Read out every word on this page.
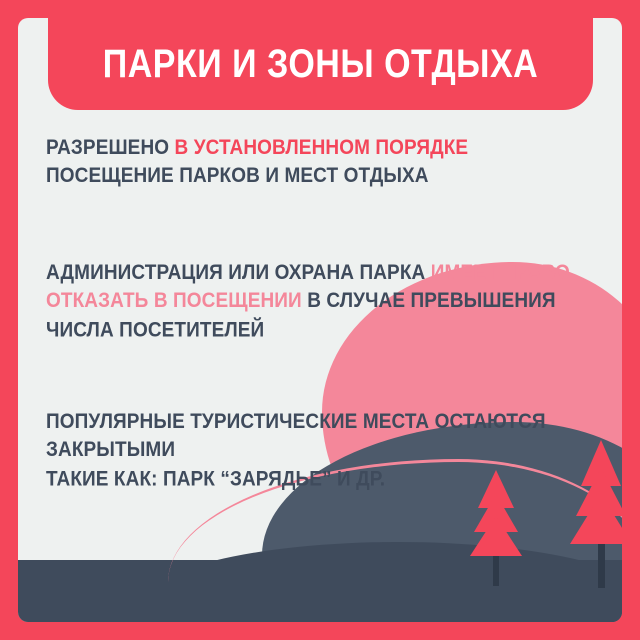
ПАРКИ И ЗОНЫ ОТДЫХА
РАЗРЕШЕНО В УСТАНОВЛЕННОМ ПОРЯДКЕ ПОСЕЩЕНИЕ ПАРКОВ И МЕСТ ОТДЫХА
АДМИНИСТРАЦИЯ ИЛИ ОХРАНА ПАРКА ИМЕЕТ ПРАВО ОТКАЗАТЬ В ПОСЕЩЕНИИ В СЛУЧАЕ ПРЕВЫШЕНИЯ ЧИСЛА ПОСЕТИТЕЛЕЙ
ПОПУЛЯРНЫЕ ТУРИСТИЧЕСКИЕ МЕСТА ОСТАЮТСЯ ЗАКРЫТЫМИ
ТАКИЕ КАК: ПАРК “ЗАРЯДЬЕ” И ДР.
